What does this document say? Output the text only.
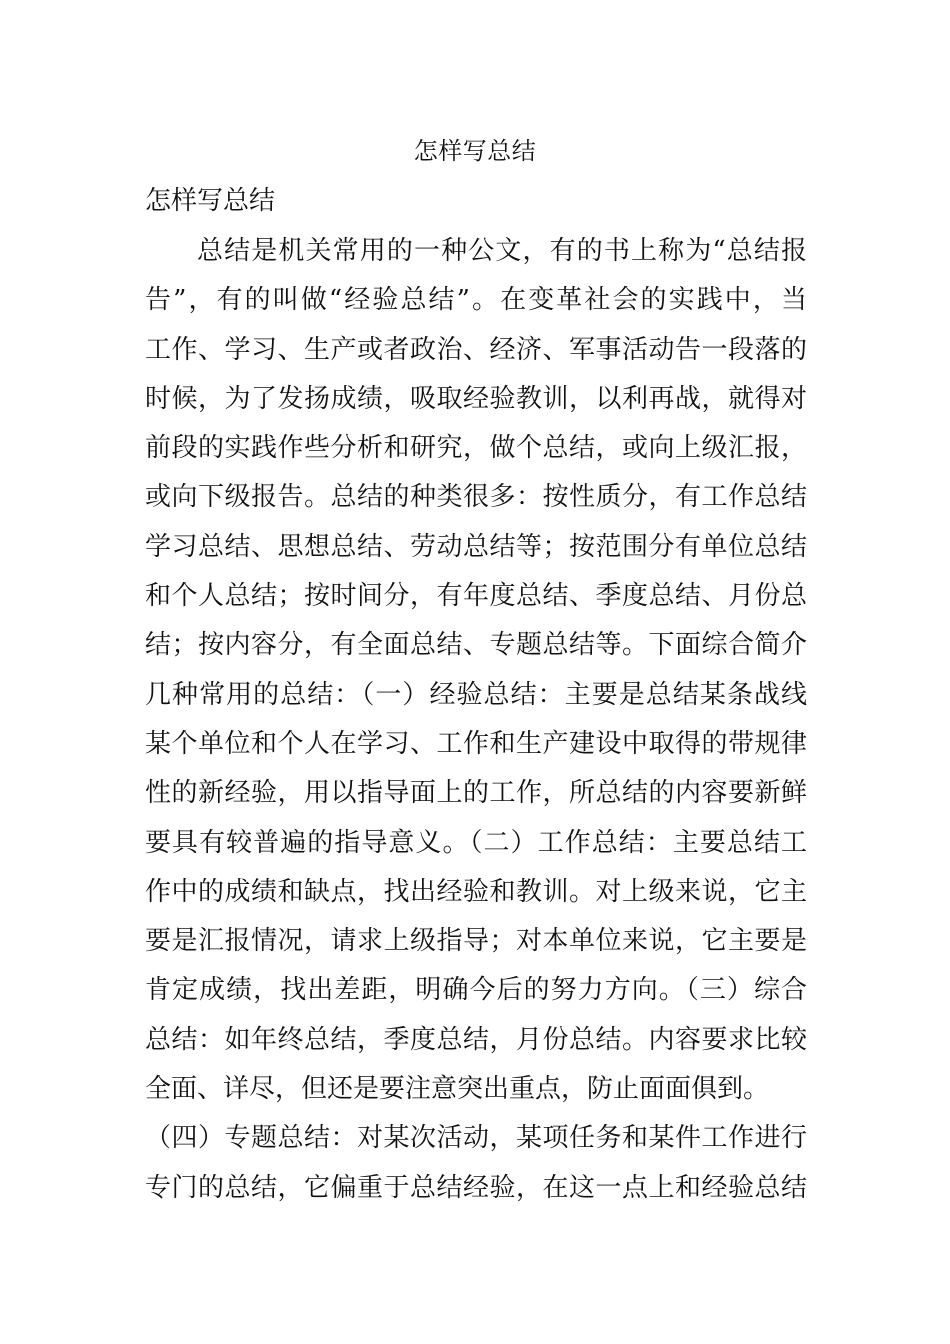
怎样写总结
怎样写总结
总结是机关常用的一种公文，有的书上称为“总结报
告”，有的叫做“经验总结”。在变革社会的实践中，当
工作、学习、生产或者政治、经济、军事活动告一段落的
时候，为了发扬成绩，吸取经验教训，以利再战，就得对
前段的实践作些分析和研究，做个总结，或向上级汇报，
或向下级报告。总结的种类很多：按性质分，有工作总结
学习总结、思想总结、劳动总结等；按范围分有单位总结
和个人总结；按时间分，有年度总结、季度总结、月份总
结；按内容分，有全面总结、专题总结等。下面综合简介
几种常用的总结：（一）经验总结：主要是总结某条战线
某个单位和个人在学习、工作和生产建设中取得的带规律
性的新经验，用以指导面上的工作，所总结的内容要新鲜
要具有较普遍的指导意义。（二）工作总结：主要总结工
作中的成绩和缺点，找出经验和教训。对上级来说，它主
要是汇报情况，请求上级指导；对本单位来说，它主要是
肯定成绩，找出差距，明确今后的努力方向。（三）综合
总结：如年终总结，季度总结，月份总结。内容要求比较
全面、详尽，但还是要注意突出重点，防止面面俱到。
（四）专题总结：对某次活动，某项任务和某件工作进行
专门的总结，它偏重于总结经验，在这一点上和经验总结
